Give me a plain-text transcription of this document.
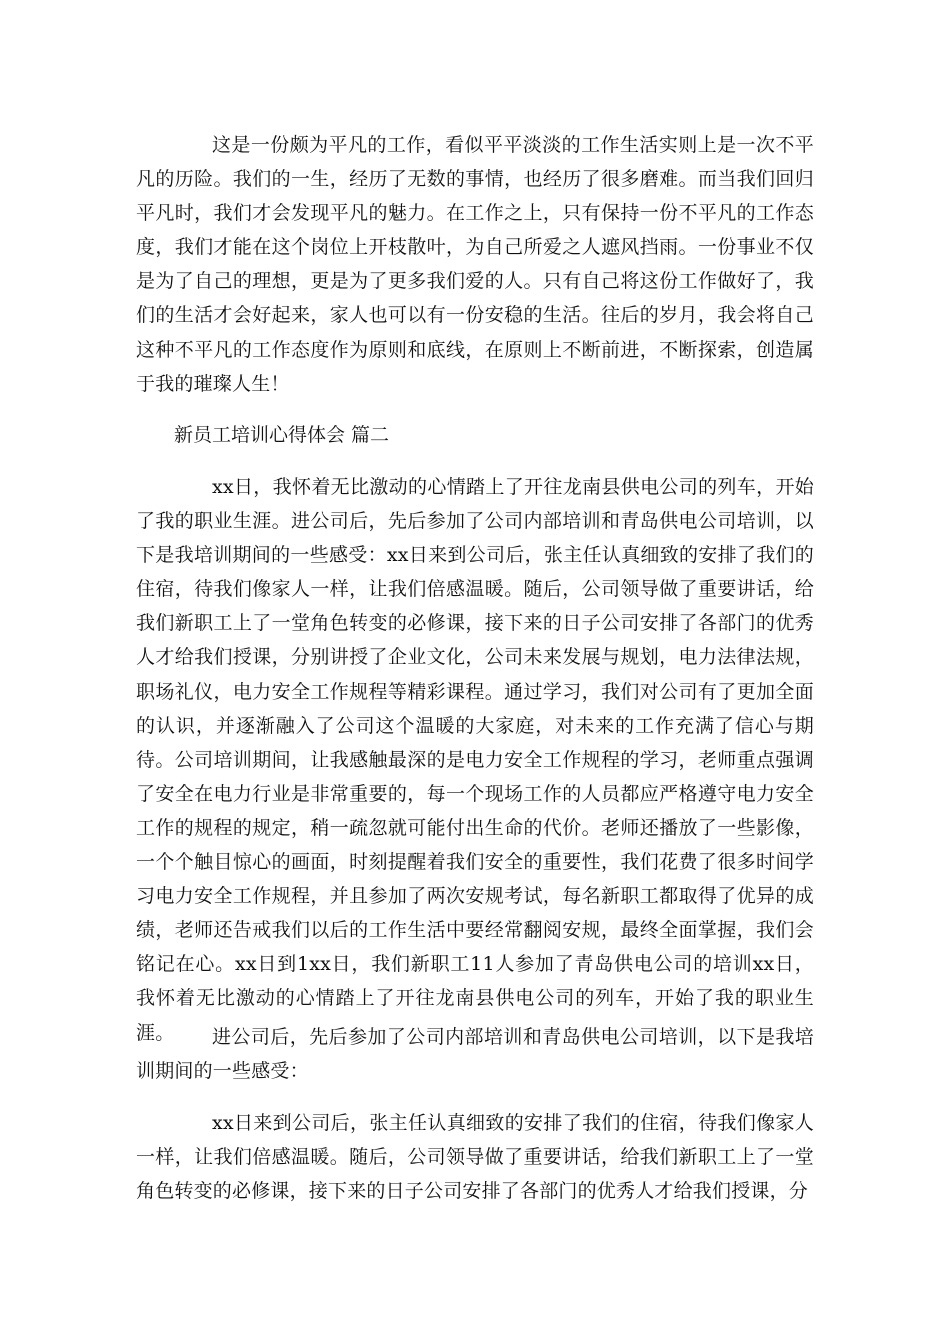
这是一份颇为平凡的工作，看似平平淡淡的工作生活实则上是一次不平凡的历险。我们的一生，经历了无数的事情，也经历了很多磨难。而当我们回归平凡时，我们才会发现平凡的魅力。在工作之上，只有保持一份不平凡的工作态度，我们才能在这个岗位上开枝散叶，为自己所爱之人遮风挡雨。一份事业不仅是为了自己的理想，更是为了更多我们爱的人。只有自己将这份工作做好了，我们的生活才会好起来，家人也可以有一份安稳的生活。往后的岁月，我会将自己这种不平凡的工作态度作为原则和底线，在原则上不断前进，不断探索，创造属于我的璀璨人生！

新员工培训心得体会 篇二

xx日，我怀着无比激动的心情踏上了开往龙南县供电公司的列车，开始了我的职业生涯。进公司后，先后参加了公司内部培训和青岛供电公司培训，以下是我培训期间的一些感受：xx日来到公司后，张主任认真细致的安排了我们的住宿，待我们像家人一样，让我们倍感温暖。随后，公司领导做了重要讲话，给我们新职工上了一堂角色转变的必修课，接下来的日子公司安排了各部门的优秀人才给我们授课，分别讲授了企业文化，公司未来发展与规划，电力法律法规，职场礼仪，电力安全工作规程等精彩课程。通过学习，我们对公司有了更加全面的认识，并逐渐融入了公司这个温暖的大家庭，对未来的工作充满了信心与期待。公司培训期间，让我感触最深的是电力安全工作规程的学习，老师重点强调了安全在电力行业是非常重要的，每一个现场工作的人员都应严格遵守电力安全工作的规程的规定，稍一疏忽就可能付出生命的代价。老师还播放了一些影像，一个个触目惊心的画面，时刻提醒着我们安全的重要性，我们花费了很多时间学习电力安全工作规程，并且参加了两次安规考试，每名新职工都取得了优异的成绩，老师还告戒我们以后的工作生活中要经常翻阅安规，最终全面掌握，我们会铭记在心。xx日到1xx日，我们新职工11人参加了青岛供电公司的培训xx日，我怀着无比激动的心情踏上了开往龙南县供电公司的列车，开始了我的职业生涯。	进公司后，先后参加了公司内部培训和青岛供电公司培训，以下是我培训期间的一些感受：

xx日来到公司后，张主任认真细致的安排了我们的住宿，待我们像家人一样，让我们倍感温暖。随后，公司领导做了重要讲话，给我们新职工上了一堂角色转变的必修课，接下来的日子公司安排了各部门的优秀人才给我们授课，分
